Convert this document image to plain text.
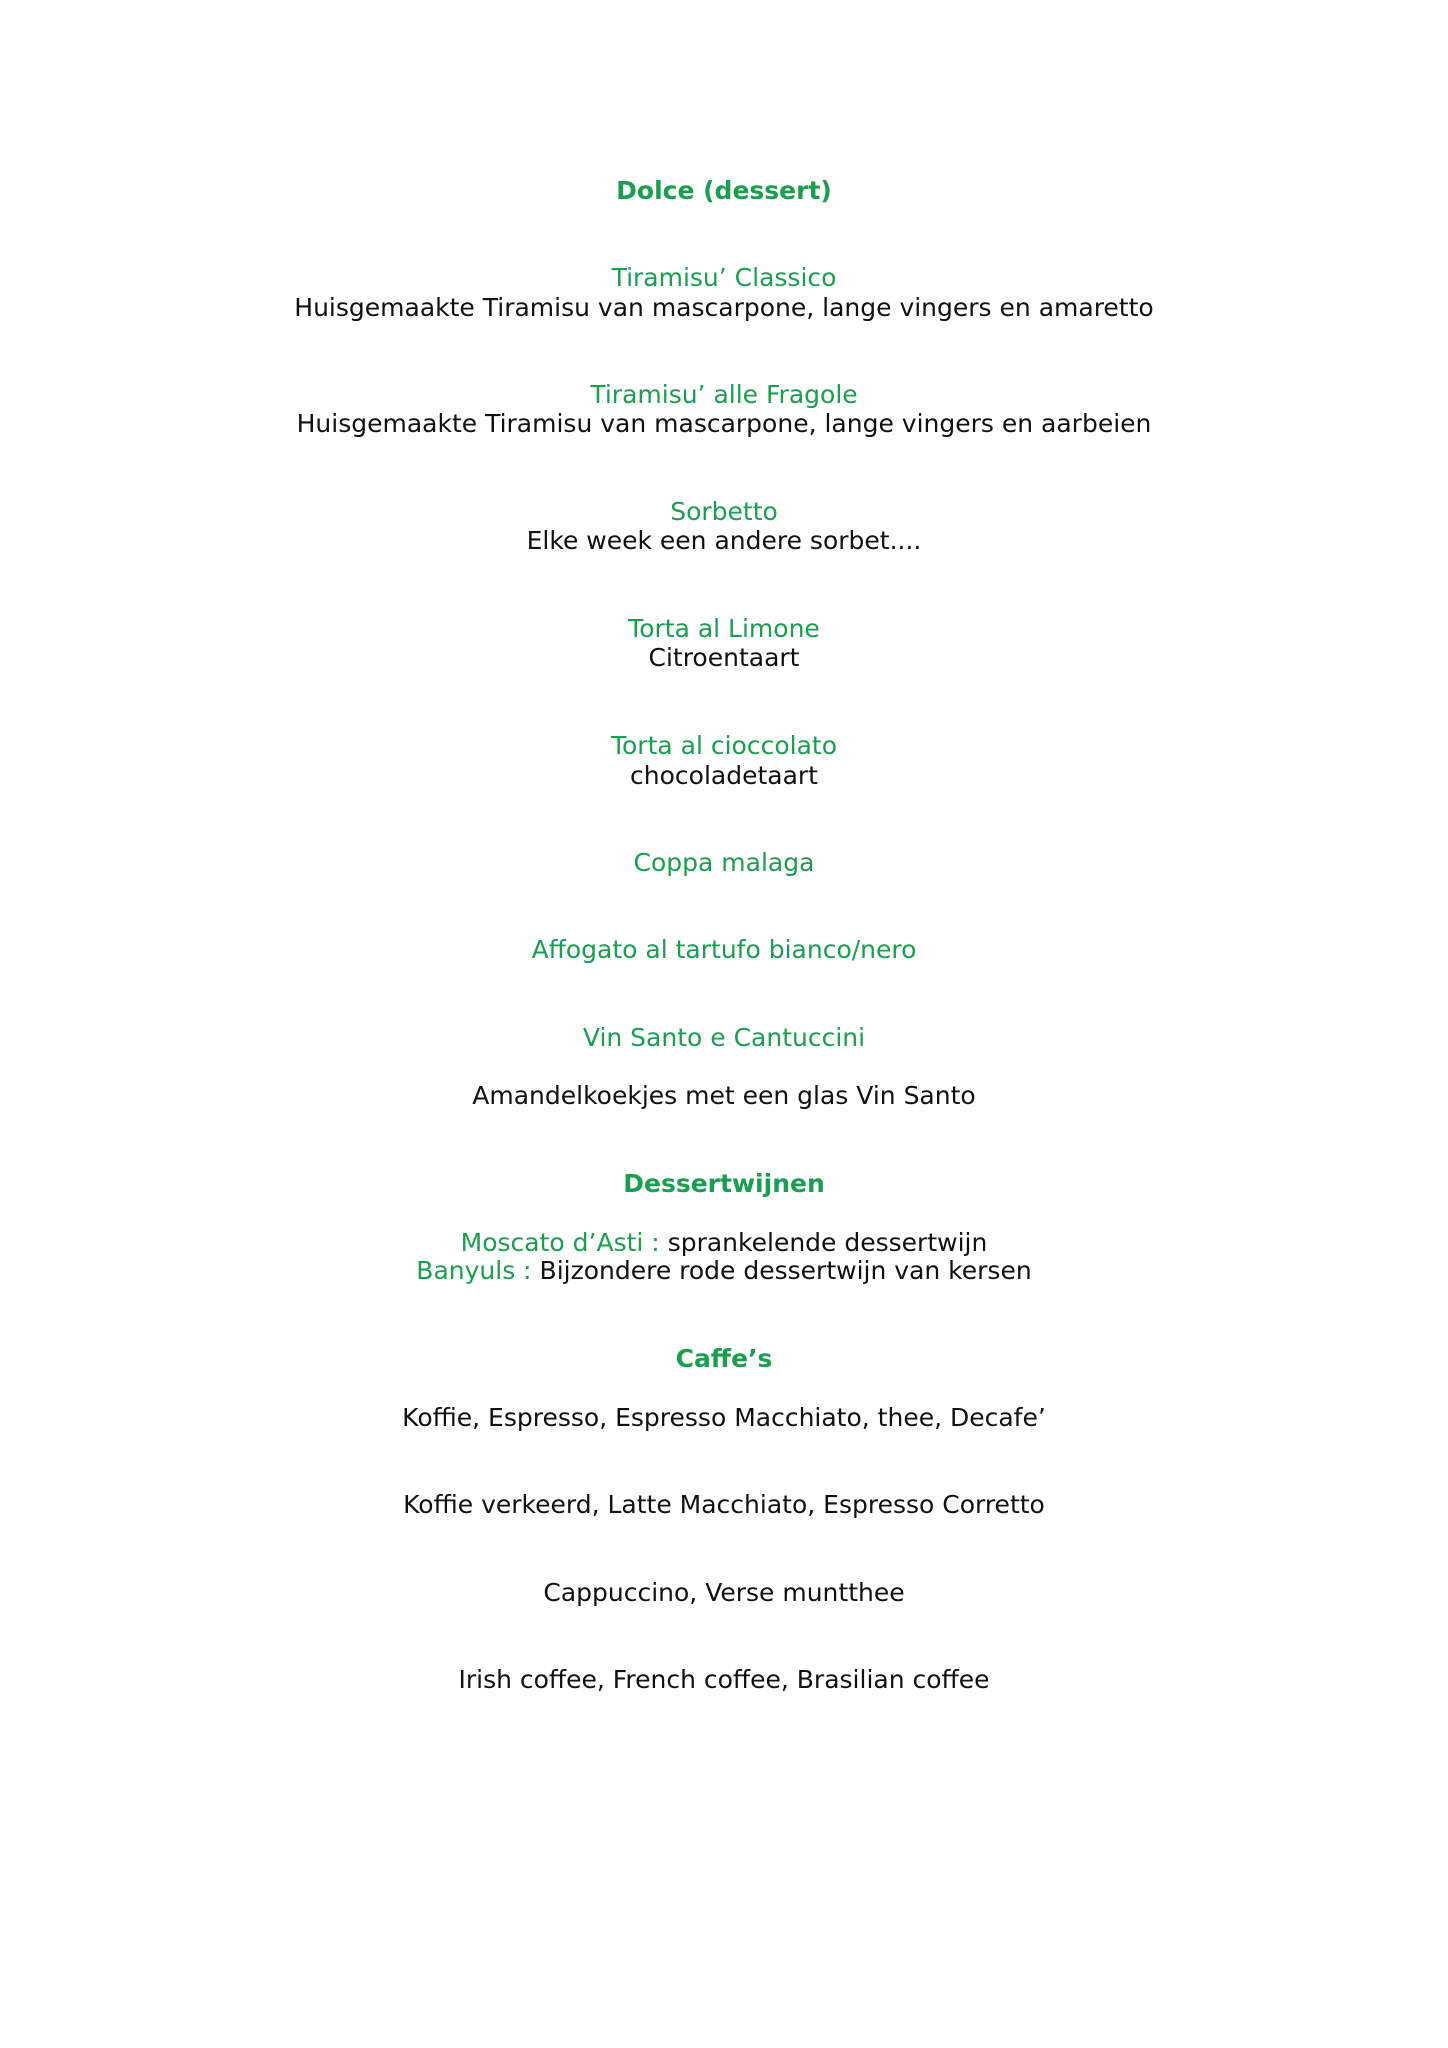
Dolce (dessert)
Tiramisu’ Classico
Huisgemaakte Tiramisu van mascarpone, lange vingers en amaretto
Tiramisu’ alle Fragole
Huisgemaakte Tiramisu van mascarpone, lange vingers en aarbeien
Sorbetto
Elke week een andere sorbet....
Torta al Limone
Citroentaart
Torta al cioccolato
chocoladetaart
Coppa malaga
Affogato al tartufo bianco/nero
Vin Santo e Cantuccini
Amandelkoekjes met een glas Vin Santo
Dessertwijnen
Moscato d’Asti : sprankelende dessertwijn
Banyuls : Bijzondere rode dessertwijn van kersen
Caffe’s
Koffie, Espresso, Espresso Macchiato, thee, Decafe’
Koffie verkeerd, Latte Macchiato, Espresso Corretto
Cappuccino, Verse muntthee
Irish coffee, French coffee, Brasilian coffee
